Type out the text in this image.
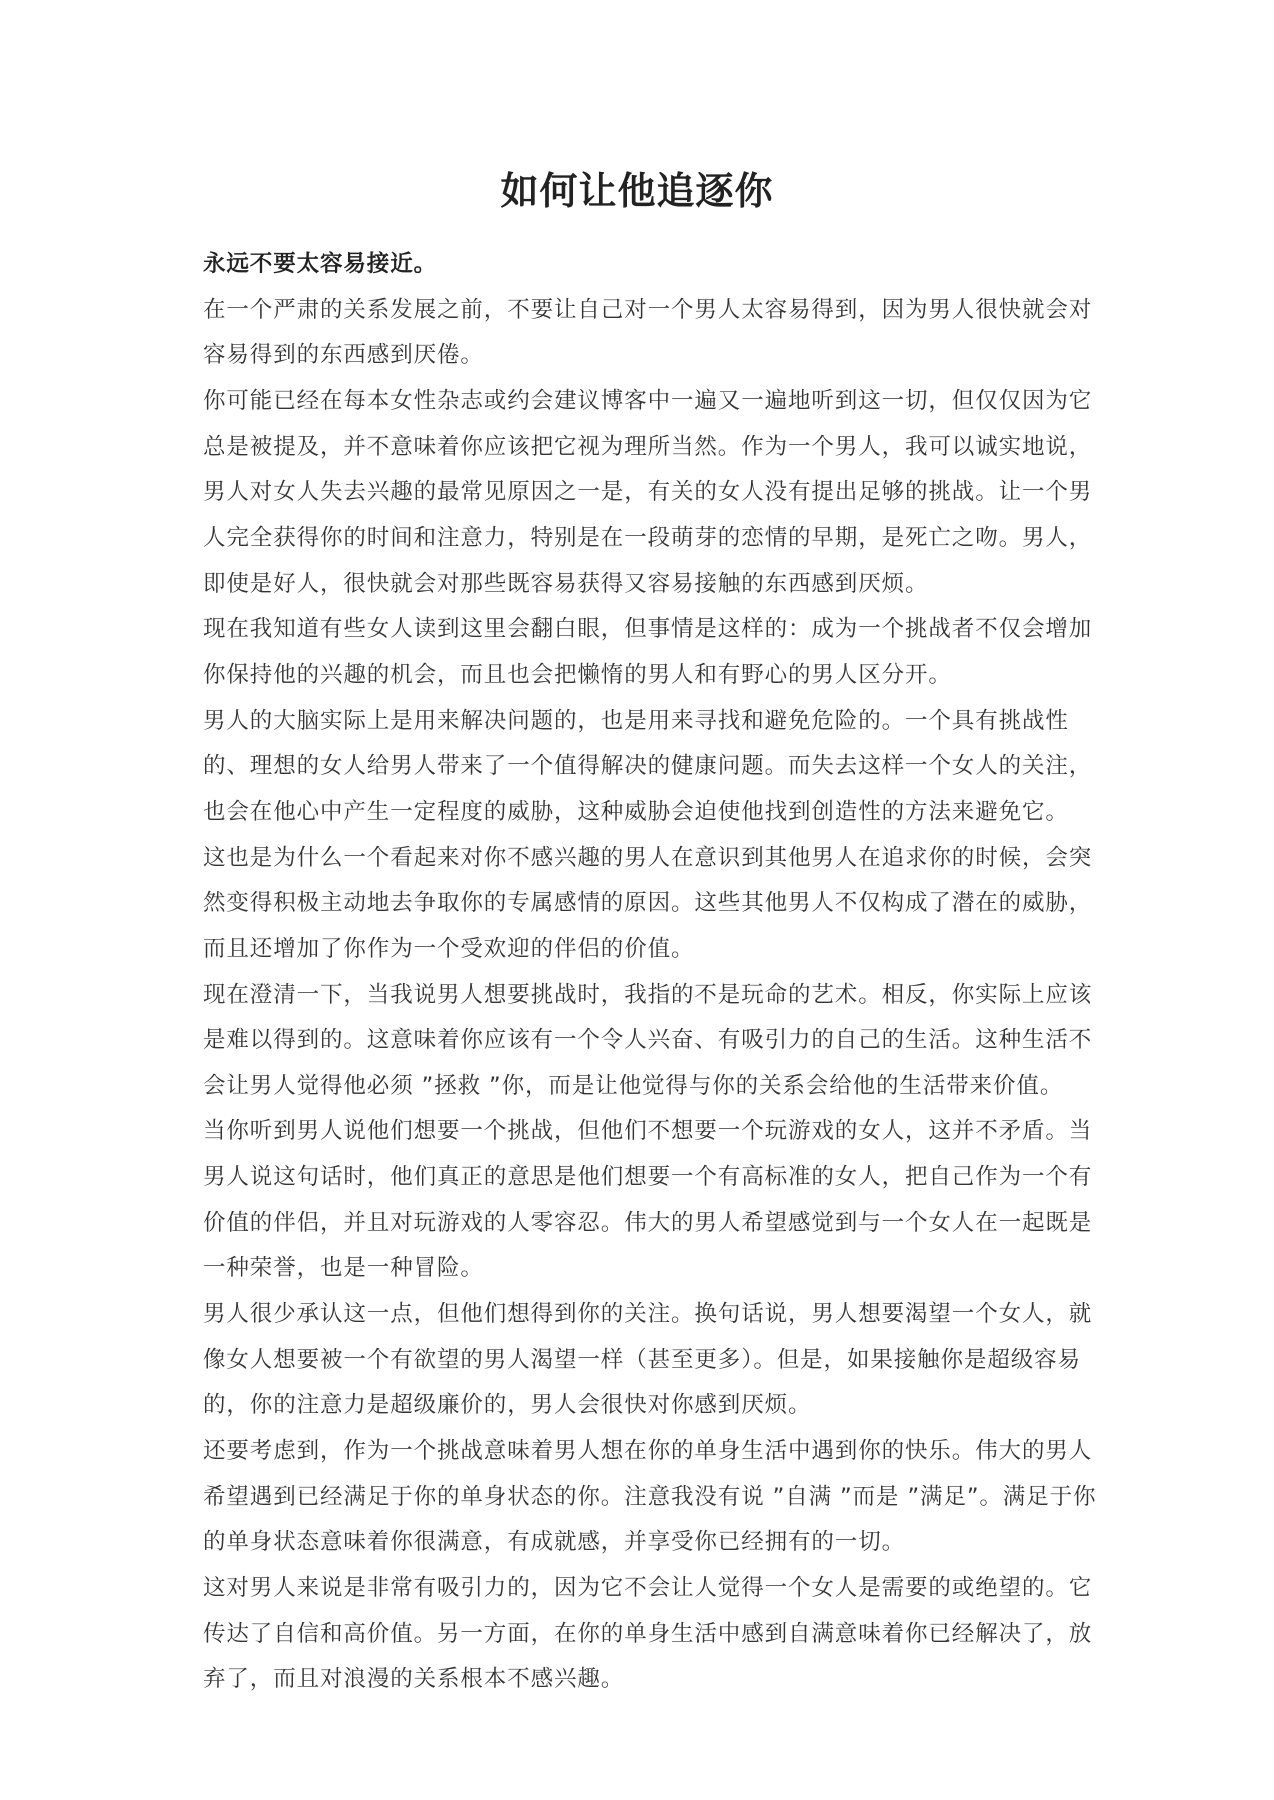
如何让他追逐你
永远不要太容易接近。
在一个严肃的关系发展之前，不要让自己对一个男人太容易得到，因为男人很快就会对
容易得到的东西感到厌倦。
你可能已经在每本女性杂志或约会建议博客中一遍又一遍地听到这一切，但仅仅因为它
总是被提及，并不意味着你应该把它视为理所当然。作为一个男人，我可以诚实地说，
男人对女人失去兴趣的最常见原因之一是，有关的女人没有提出足够的挑战。让一个男
人完全获得你的时间和注意力，特别是在一段萌芽的恋情的早期，是死亡之吻。男人，
即使是好人，很快就会对那些既容易获得又容易接触的东西感到厌烦。
现在我知道有些女人读到这里会翻白眼，但事情是这样的：成为一个挑战者不仅会增加
你保持他的兴趣的机会，而且也会把懒惰的男人和有野心的男人区分开。
男人的大脑实际上是用来解决问题的，也是用来寻找和避免危险的。一个具有挑战性
的、理想的女人给男人带来了一个值得解决的健康问题。而失去这样一个女人的关注，
也会在他心中产生一定程度的威胁，这种威胁会迫使他找到创造性的方法来避免它。
这也是为什么一个看起来对你不感兴趣的男人在意识到其他男人在追求你的时候，会突
然变得积极主动地去争取你的专属感情的原因。这些其他男人不仅构成了潜在的威胁，
而且还增加了你作为一个受欢迎的伴侣的价值。
现在澄清一下，当我说男人想要挑战时，我指的不是玩命的艺术。相反，你实际上应该
是难以得到的。这意味着你应该有一个令人兴奋、有吸引力的自己的生活。这种生活不
会让男人觉得他必须 ”拯救 ”你，而是让他觉得与你的关系会给他的生活带来价值。
当你听到男人说他们想要一个挑战，但他们不想要一个玩游戏的女人，这并不矛盾。当
男人说这句话时，他们真正的意思是他们想要一个有高标准的女人，把自己作为一个有
价值的伴侣，并且对玩游戏的人零容忍。伟大的男人希望感觉到与一个女人在一起既是
一种荣誉，也是一种冒险。
男人很少承认这一点，但他们想得到你的关注。换句话说，男人想要渴望一个女人，就
像女人想要被一个有欲望的男人渴望一样（甚至更多）。但是，如果接触你是超级容易
的，你的注意力是超级廉价的，男人会很快对你感到厌烦。
还要考虑到，作为一个挑战意味着男人想在你的单身生活中遇到你的快乐。伟大的男人
希望遇到已经满足于你的单身状态的你。注意我没有说 ”自满 ”而是 ”满足”。满足于你
的单身状态意味着你很满意，有成就感，并享受你已经拥有的一切。
这对男人来说是非常有吸引力的，因为它不会让人觉得一个女人是需要的或绝望的。它
传达了自信和高价值。另一方面，在你的单身生活中感到自满意味着你已经解决了，放
弃了，而且对浪漫的关系根本不感兴趣。
